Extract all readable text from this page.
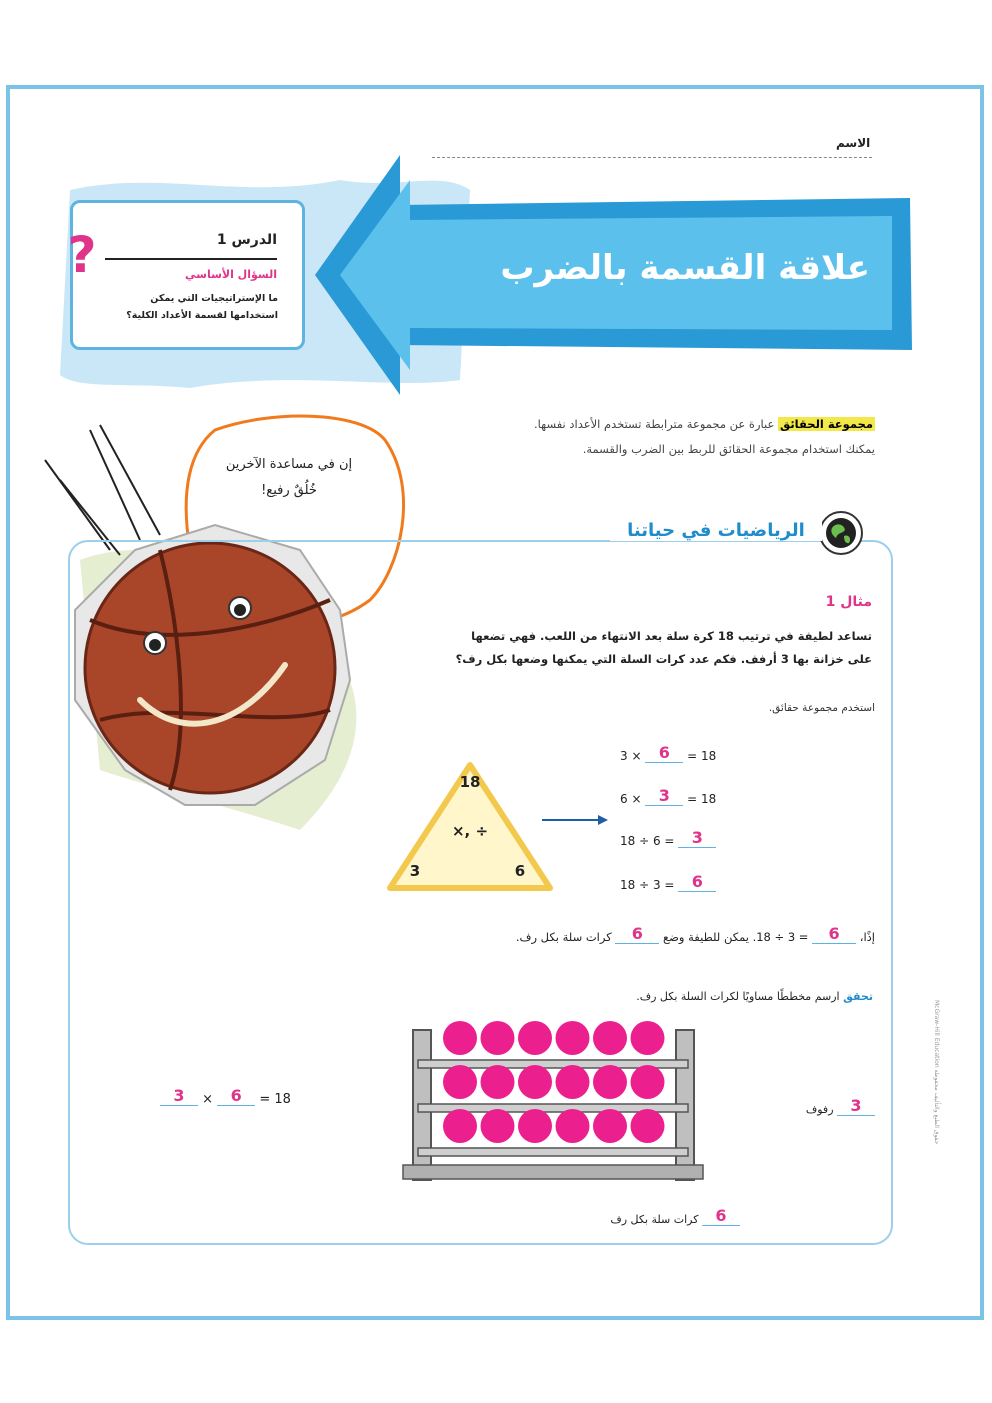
الاسم
علاقة القسمة بالضرب
?	الدرس 1
السؤال الأساسي
ما الإستراتيجيات التي يمكن استخدامها لقسمة الأعداد الكلية؟
مجموعة الحقائق عبارة عن مجموعة مترابطة تستخدم الأعداد نفسها.
يمكنك استخدام مجموعة الحقائق للربط بين الضرب والقسمة.
إن في مساعدة الآخرين
خُلُقٌ رفيع!
الرياضيات في حياتنا
مثال 1
تساعد لطيفة في ترتيب 18 كرة سلة بعد الانتهاء من اللعب. فهي تضعها
على خزانة بها 3 أرفف. فكم عدد كرات السلة التي يمكنها وضعها بكل رف؟
استخدم مجموعة حقائق.
18
×, ÷
3	6
3 × 6 = 18
6 × 3 = 18
18 ÷ 6 = 3
18 ÷ 3 = 6
إذًا، 6 = 3 ÷ 18. يمكن للطيفة وضع 6 كرات سلة بكل رف.
تحقق ارسم مخططًا مساويًا لكرات السلة بكل رف.
3 رفوف
6 كرات سلة بكل رف
3 × 6 = 18
McGraw-Hill Education حقوق الطبع والتأليف محفوظة
